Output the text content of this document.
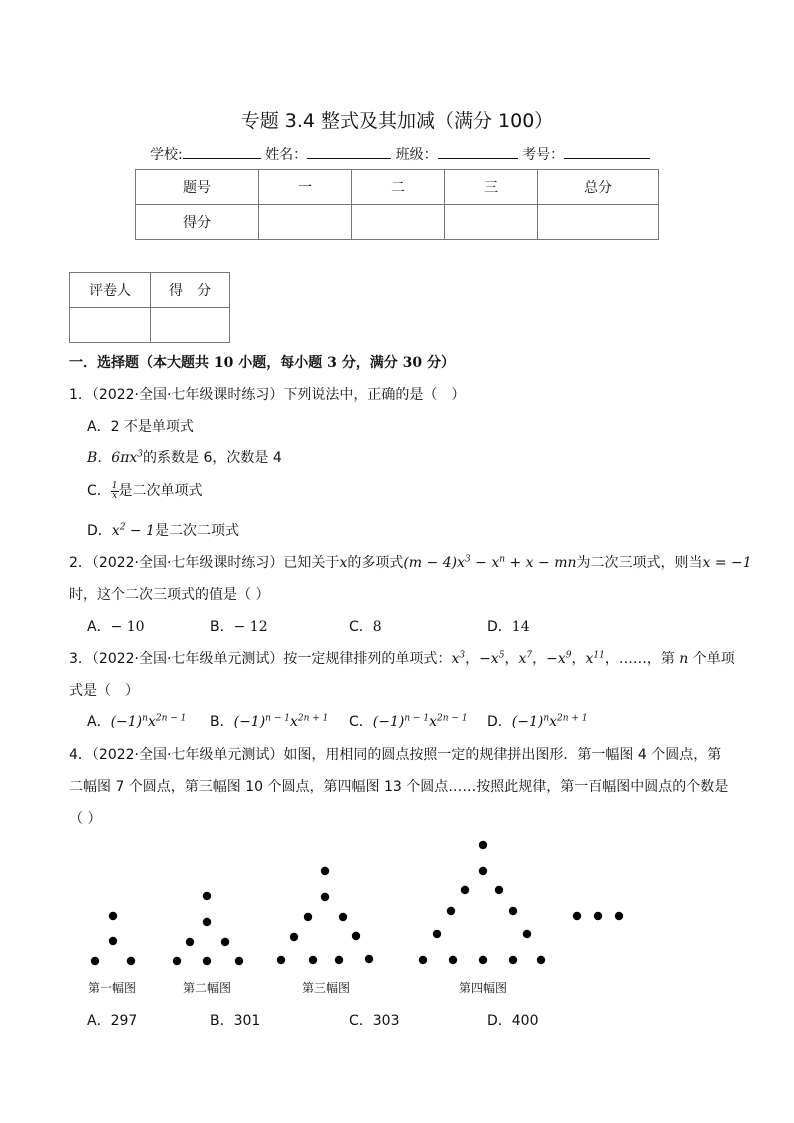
专题 3.4 整式及其加减（满分 100）
学校:	姓名：	班级：	考号：
题号	一	二	三	总分
得分				
评卷人	得　分

一．选择题（本大题共 10 小题，每小题 3 分，满分 30 分）
1．（2022·全国·七年级课时练习）下列说法中，正确的是（　）
A．2 不是单项式
B．$6\pi x^3$的系数是 6，次数是 4
C． $\frac{1}{x}$是二次单项式
D．$x^2 - 1$是二次二项式
2．（2022·全国·七年级课时练习）已知关于x的多项式$(m - 4)x^3 - x^n + x$ − mn为二次三项式，则当x = −1
时，这个二次三项式的值是（ ）
A．− 10	B．− 12	C．8	D．14
3．（2022·全国·七年级单元测试）按一定规律排列的单项式：$x^3$，$-x^5$，$x^7$，$-x^9$，$x^{11}$，……，第 n 个单项
式是（　）
A．$(-1)^nx^{2n - 1}$ B．$(-1)^{n - 1}x^{2n + 1}$ C．$(-1)^{n - 1}x^{2n - 1}$ D．$(-1)^nx^{2n + 1}$
4．（2022·全国·七年级单元测试）如图，用相同的圆点按照一定的规律拼出图形．第一幅图 4 个圆点，第
二幅图 7 个圆点，第三幅图 10 个圆点，第四幅图 13 个圆点……按照此规律，第一百幅图中圆点的个数是
（ ）
第一幅图	第二幅图	第三幅图	第四幅图
A．297	B．301	C．303	D．400
